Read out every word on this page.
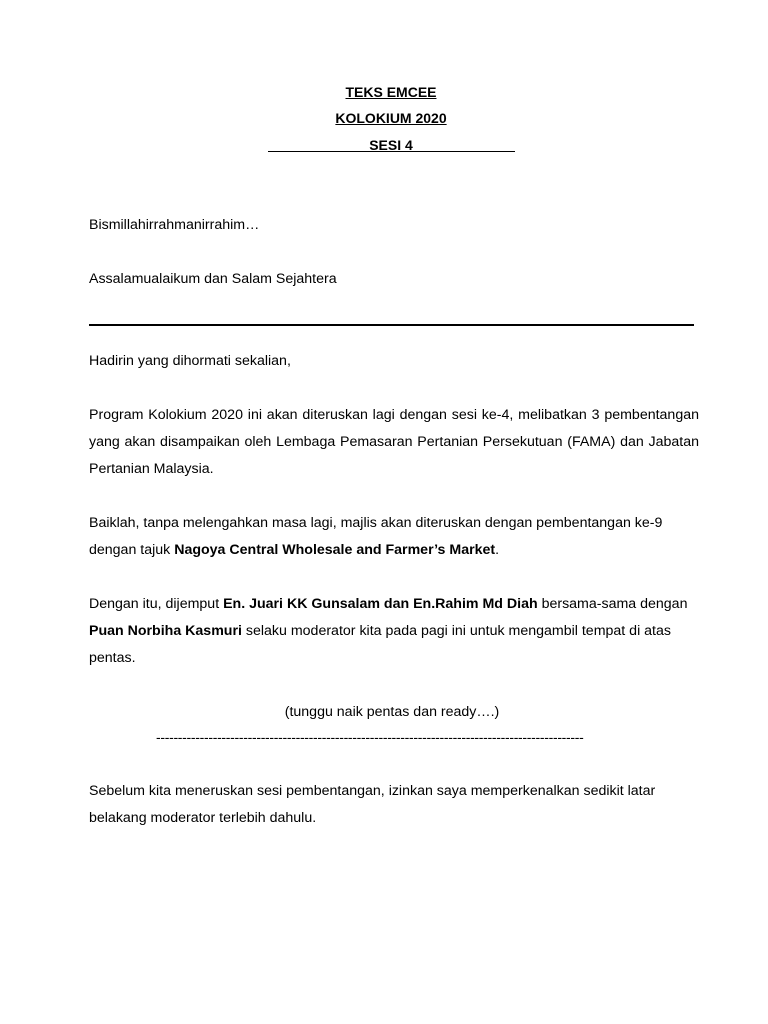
TEKS EMCEE
KOLOKIUM 2020
SESI 4

Bismillahirrahmanirrahim…

Assalamualaikum dan Salam Sejahtera

Hadirin yang dihormati sekalian,

Program Kolokium 2020 ini akan diteruskan lagi dengan sesi ke-4, melibatkan 3 pembentangan yang akan disampaikan oleh Lembaga Pemasaran Pertanian Persekutuan (FAMA) dan Jabatan Pertanian Malaysia.

Baiklah, tanpa melengahkan masa lagi, majlis akan diteruskan dengan pembentangan ke-9 dengan tajuk Nagoya Central Wholesale and Farmer’s Market.

Dengan itu, dijemput En. Juari KK Gunsalam dan En.Rahim Md Diah bersama-sama dengan Puan Norbiha Kasmuri selaku moderator kita pada pagi ini untuk mengambil tempat di atas pentas.

(tunggu naik pentas dan ready….)
--------------------------------------------------------------------------------------------------

Sebelum kita meneruskan sesi pembentangan, izinkan saya memperkenalkan sedikit latar belakang moderator terlebih dahulu.
